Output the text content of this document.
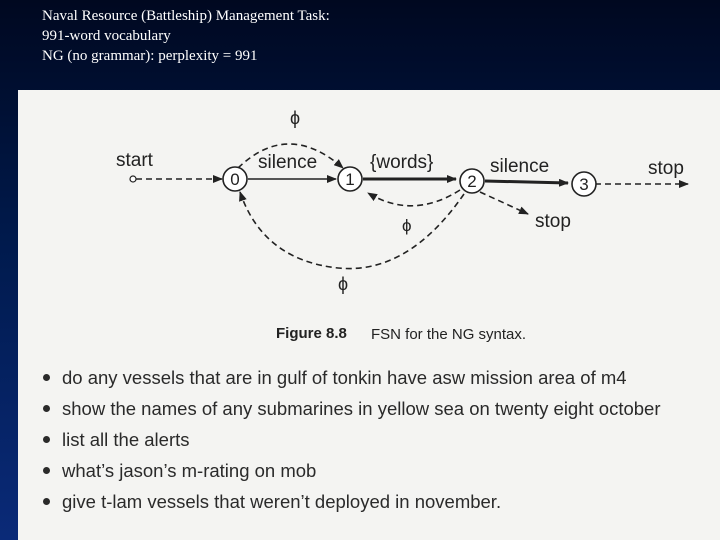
Naval Resource (Battleship) Management Task:
991-word vocabulary
NG (no grammar): perplexity = 991
start	silence
ϕ
{words}
ϕ
ϕ
silence
stop
stop
0	1	2	3
Figure 8.8 FSN for the NG syntax.
do any vessels that are in gulf of tonkin have asw mission area of m4
show the names of any submarines in yellow sea on twenty eight october
list all the alerts
what’s jason’s m-rating on mob
give t-lam vessels that weren’t deployed in november.
